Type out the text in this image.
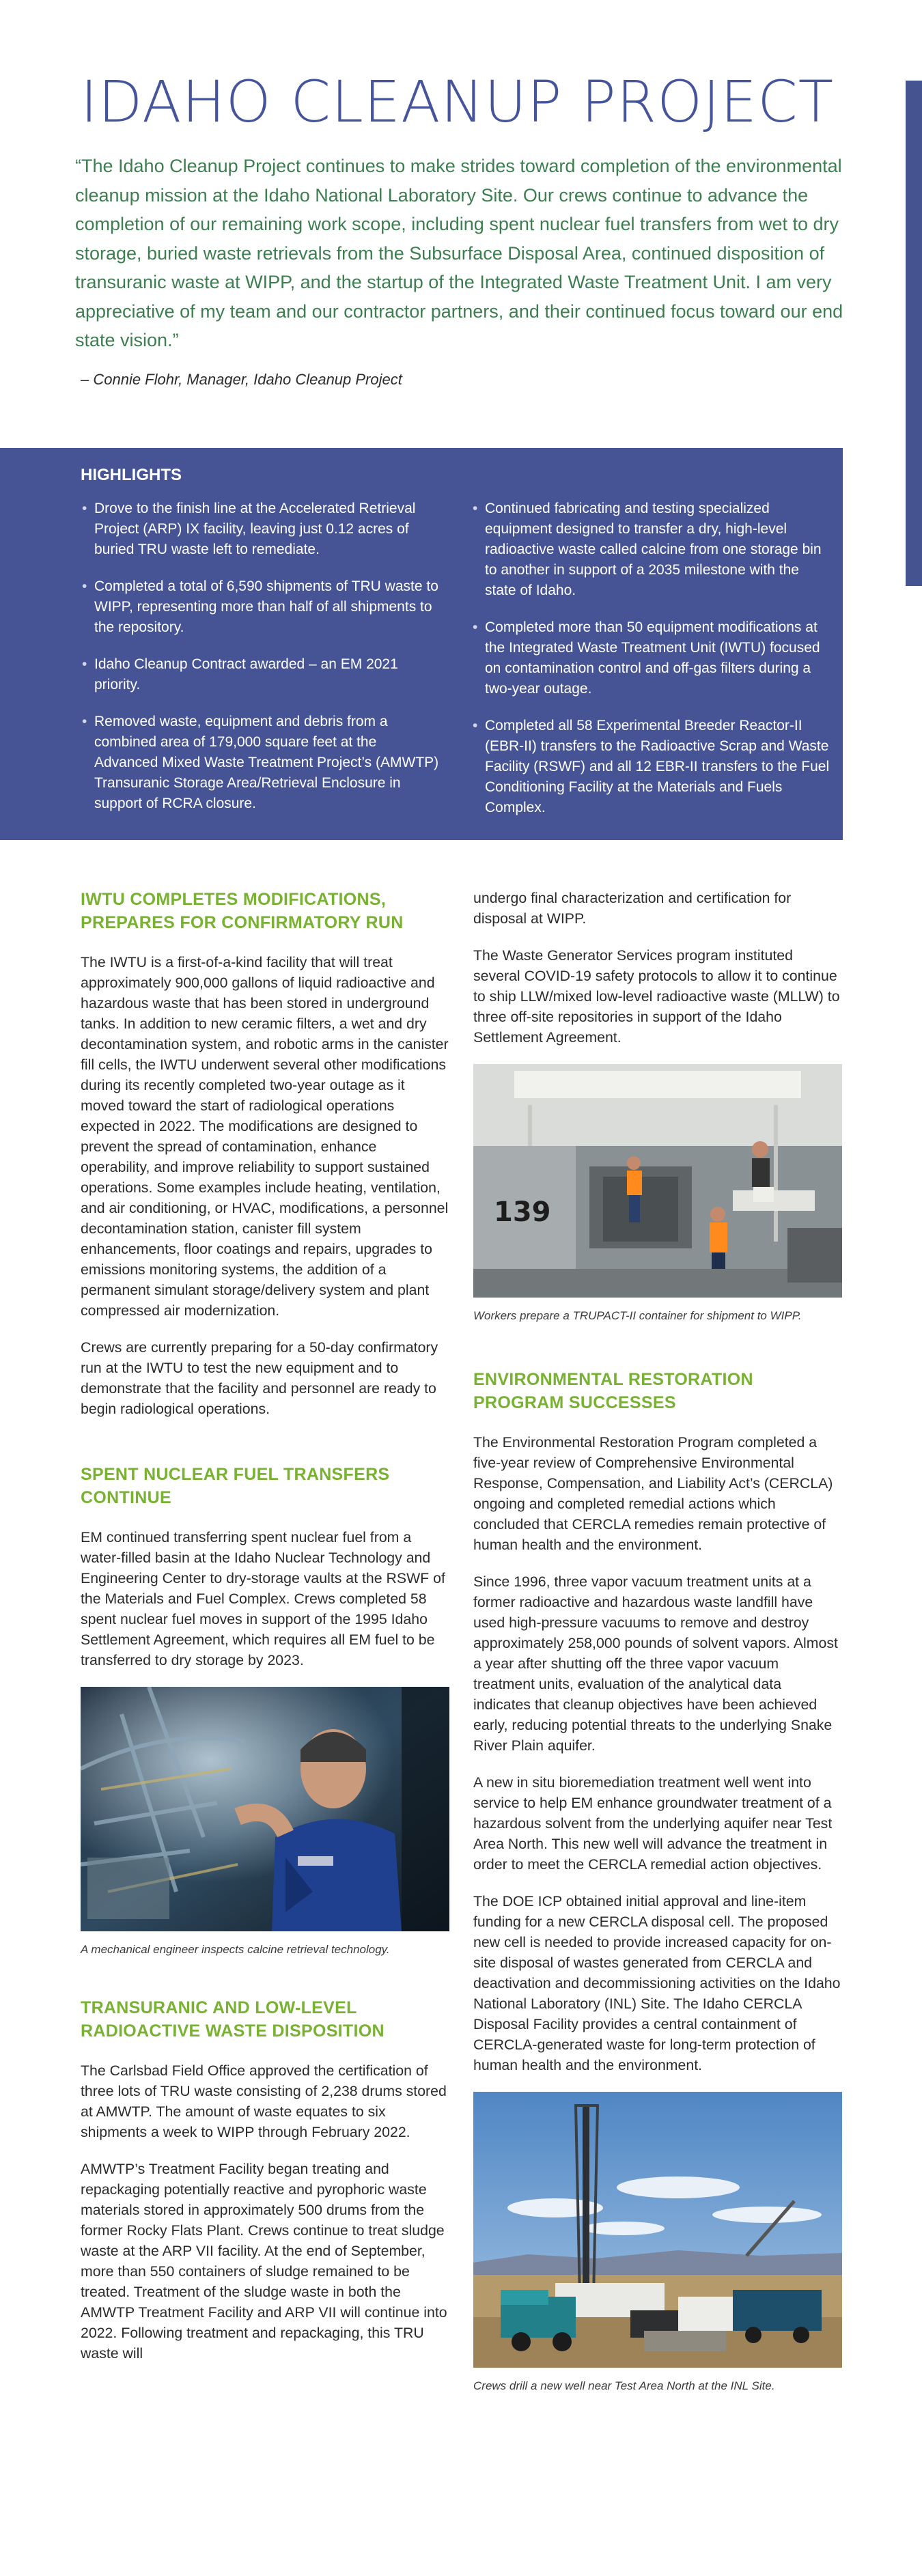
IDAHO CLEANUP PROJECT

“The Idaho Cleanup Project continues to make strides toward completion of the environmental cleanup mission at the Idaho National Laboratory Site. Our crews continue to advance the completion of our remaining work scope, including spent nuclear fuel transfers from wet to dry storage, buried waste retrievals from the Subsurface Disposal Area, continued disposition of transuranic waste at WIPP, and the startup of the Integrated Waste Treatment Unit. I am very appreciative of my team and our contractor partners, and their continued focus toward our end state vision.”

– Connie Flohr, Manager, Idaho Cleanup Project

HIGHLIGHTS
• Drove to the finish line at the Accelerated Retrieval Project (ARP) IX facility, leaving just 0.12 acres of buried TRU waste left to remediate.
• Completed a total of 6,590 shipments of TRU waste to WIPP, representing more than half of all shipments to the repository.
• Idaho Cleanup Contract awarded – an EM 2021 priority.
• Removed waste, equipment and debris from a combined area of 179,000 square feet at the Advanced Mixed Waste Treatment Project’s (AMWTP) Transuranic Storage Area/Retrieval Enclosure in support of RCRA closure.
• Continued fabricating and testing specialized equipment designed to transfer a dry, high-level radioactive waste called calcine from one storage bin to another in support of a 2035 milestone with the state of Idaho.
• Completed more than 50 equipment modifications at the Integrated Waste Treatment Unit (IWTU) focused on contamination control and off-gas filters during a two-year outage.
• Completed all 58 Experimental Breeder Reactor-II (EBR-II) transfers to the Radioactive Scrap and Waste Facility (RSWF) and all 12 EBR-II transfers to the Fuel Conditioning Facility at the Materials and Fuels Complex.
IWTU COMPLETES MODIFICATIONS, PREPARES FOR CONFIRMATORY RUN

The IWTU is a first-of-a-kind facility that will treat approximately 900,000 gallons of liquid radioactive and hazardous waste that has been stored in underground tanks. In addition to new ceramic filters, a wet and dry decontamination system, and robotic arms in the canister fill cells, the IWTU underwent several other modifications during its recently completed two-year outage as it moved toward the start of radiological operations expected in 2022. The modifications are designed to prevent the spread of contamination, enhance operability, and improve reliability to support sustained operations. Some examples include heating, ventilation, and air conditioning, or HVAC, modifications, a personnel decontamination station, canister fill system enhancements, floor coatings and repairs, upgrades to emissions monitoring systems, the addition of a permanent simulant storage/delivery system and plant compressed air modernization.

Crews are currently preparing for a 50-day confirmatory run at the IWTU to test the new equipment and to demonstrate that the facility and personnel are ready to begin radiological operations.

SPENT NUCLEAR FUEL TRANSFERS CONTINUE

EM continued transferring spent nuclear fuel from a water-filled basin at the Idaho Nuclear Technology and Engineering Center to dry-storage vaults at the RSWF of the Materials and Fuel Complex. Crews completed 58 spent nuclear fuel moves in support of the 1995 Idaho Settlement Agreement, which requires all EM fuel to be transferred to dry storage by 2023.

A mechanical engineer inspects calcine retrieval technology.

TRANSURANIC AND LOW-LEVEL RADIOACTIVE WASTE DISPOSITION

The Carlsbad Field Office approved the certification of three lots of TRU waste consisting of 2,238 drums stored at AMWTP. The amount of waste equates to six shipments a week to WIPP through February 2022.

AMWTP’s Treatment Facility began treating and repackaging potentially reactive and pyrophoric waste materials stored in approximately 500 drums from the former Rocky Flats Plant. Crews continue to treat sludge waste at the ARP VII facility. At the end of September, more than 550 containers of sludge remained to be treated. Treatment of the sludge waste in both the AMWTP Treatment Facility and ARP VII will continue into 2022. Following treatment and repackaging, this TRU waste will

undergo final characterization and certification for disposal at WIPP.

The Waste Generator Services program instituted several COVID-19 safety protocols to allow it to continue to ship LLW/mixed low-level radioactive waste (MLLW) to three off-site repositories in support of the Idaho Settlement Agreement.

139

Workers prepare a TRUPACT-II container for shipment to WIPP.

ENVIRONMENTAL RESTORATION PROGRAM SUCCESSES

The Environmental Restoration Program completed a five-year review of Comprehensive Environmental Response, Compensation, and Liability Act’s (CERCLA) ongoing and completed remedial actions which concluded that CERCLA remedies remain protective of human health and the environment.

Since 1996, three vapor vacuum treatment units at a former radioactive and hazardous waste landfill have used high-pressure vacuums to remove and destroy approximately 258,000 pounds of solvent vapors. Almost a year after shutting off the three vapor vacuum treatment units, evaluation of the analytical data indicates that cleanup objectives have been achieved early, reducing potential threats to the underlying Snake River Plain aquifer.

A new in situ bioremediation treatment well went into service to help EM enhance groundwater treatment of a hazardous solvent from the underlying aquifer near Test Area North. This new well will advance the treatment in order to meet the CERCLA remedial action objectives.

The DOE ICP obtained initial approval and line-item funding for a new CERCLA disposal cell. The proposed new cell is needed to provide increased capacity for on-site disposal of wastes generated from CERCLA and deactivation and decommissioning activities on the Idaho National Laboratory (INL) Site. The Idaho CERCLA Disposal Facility provides a central containment of CERCLA-generated waste for long-term protection of human health and the environment.

Crews drill a new well near Test Area North at the INL Site.
